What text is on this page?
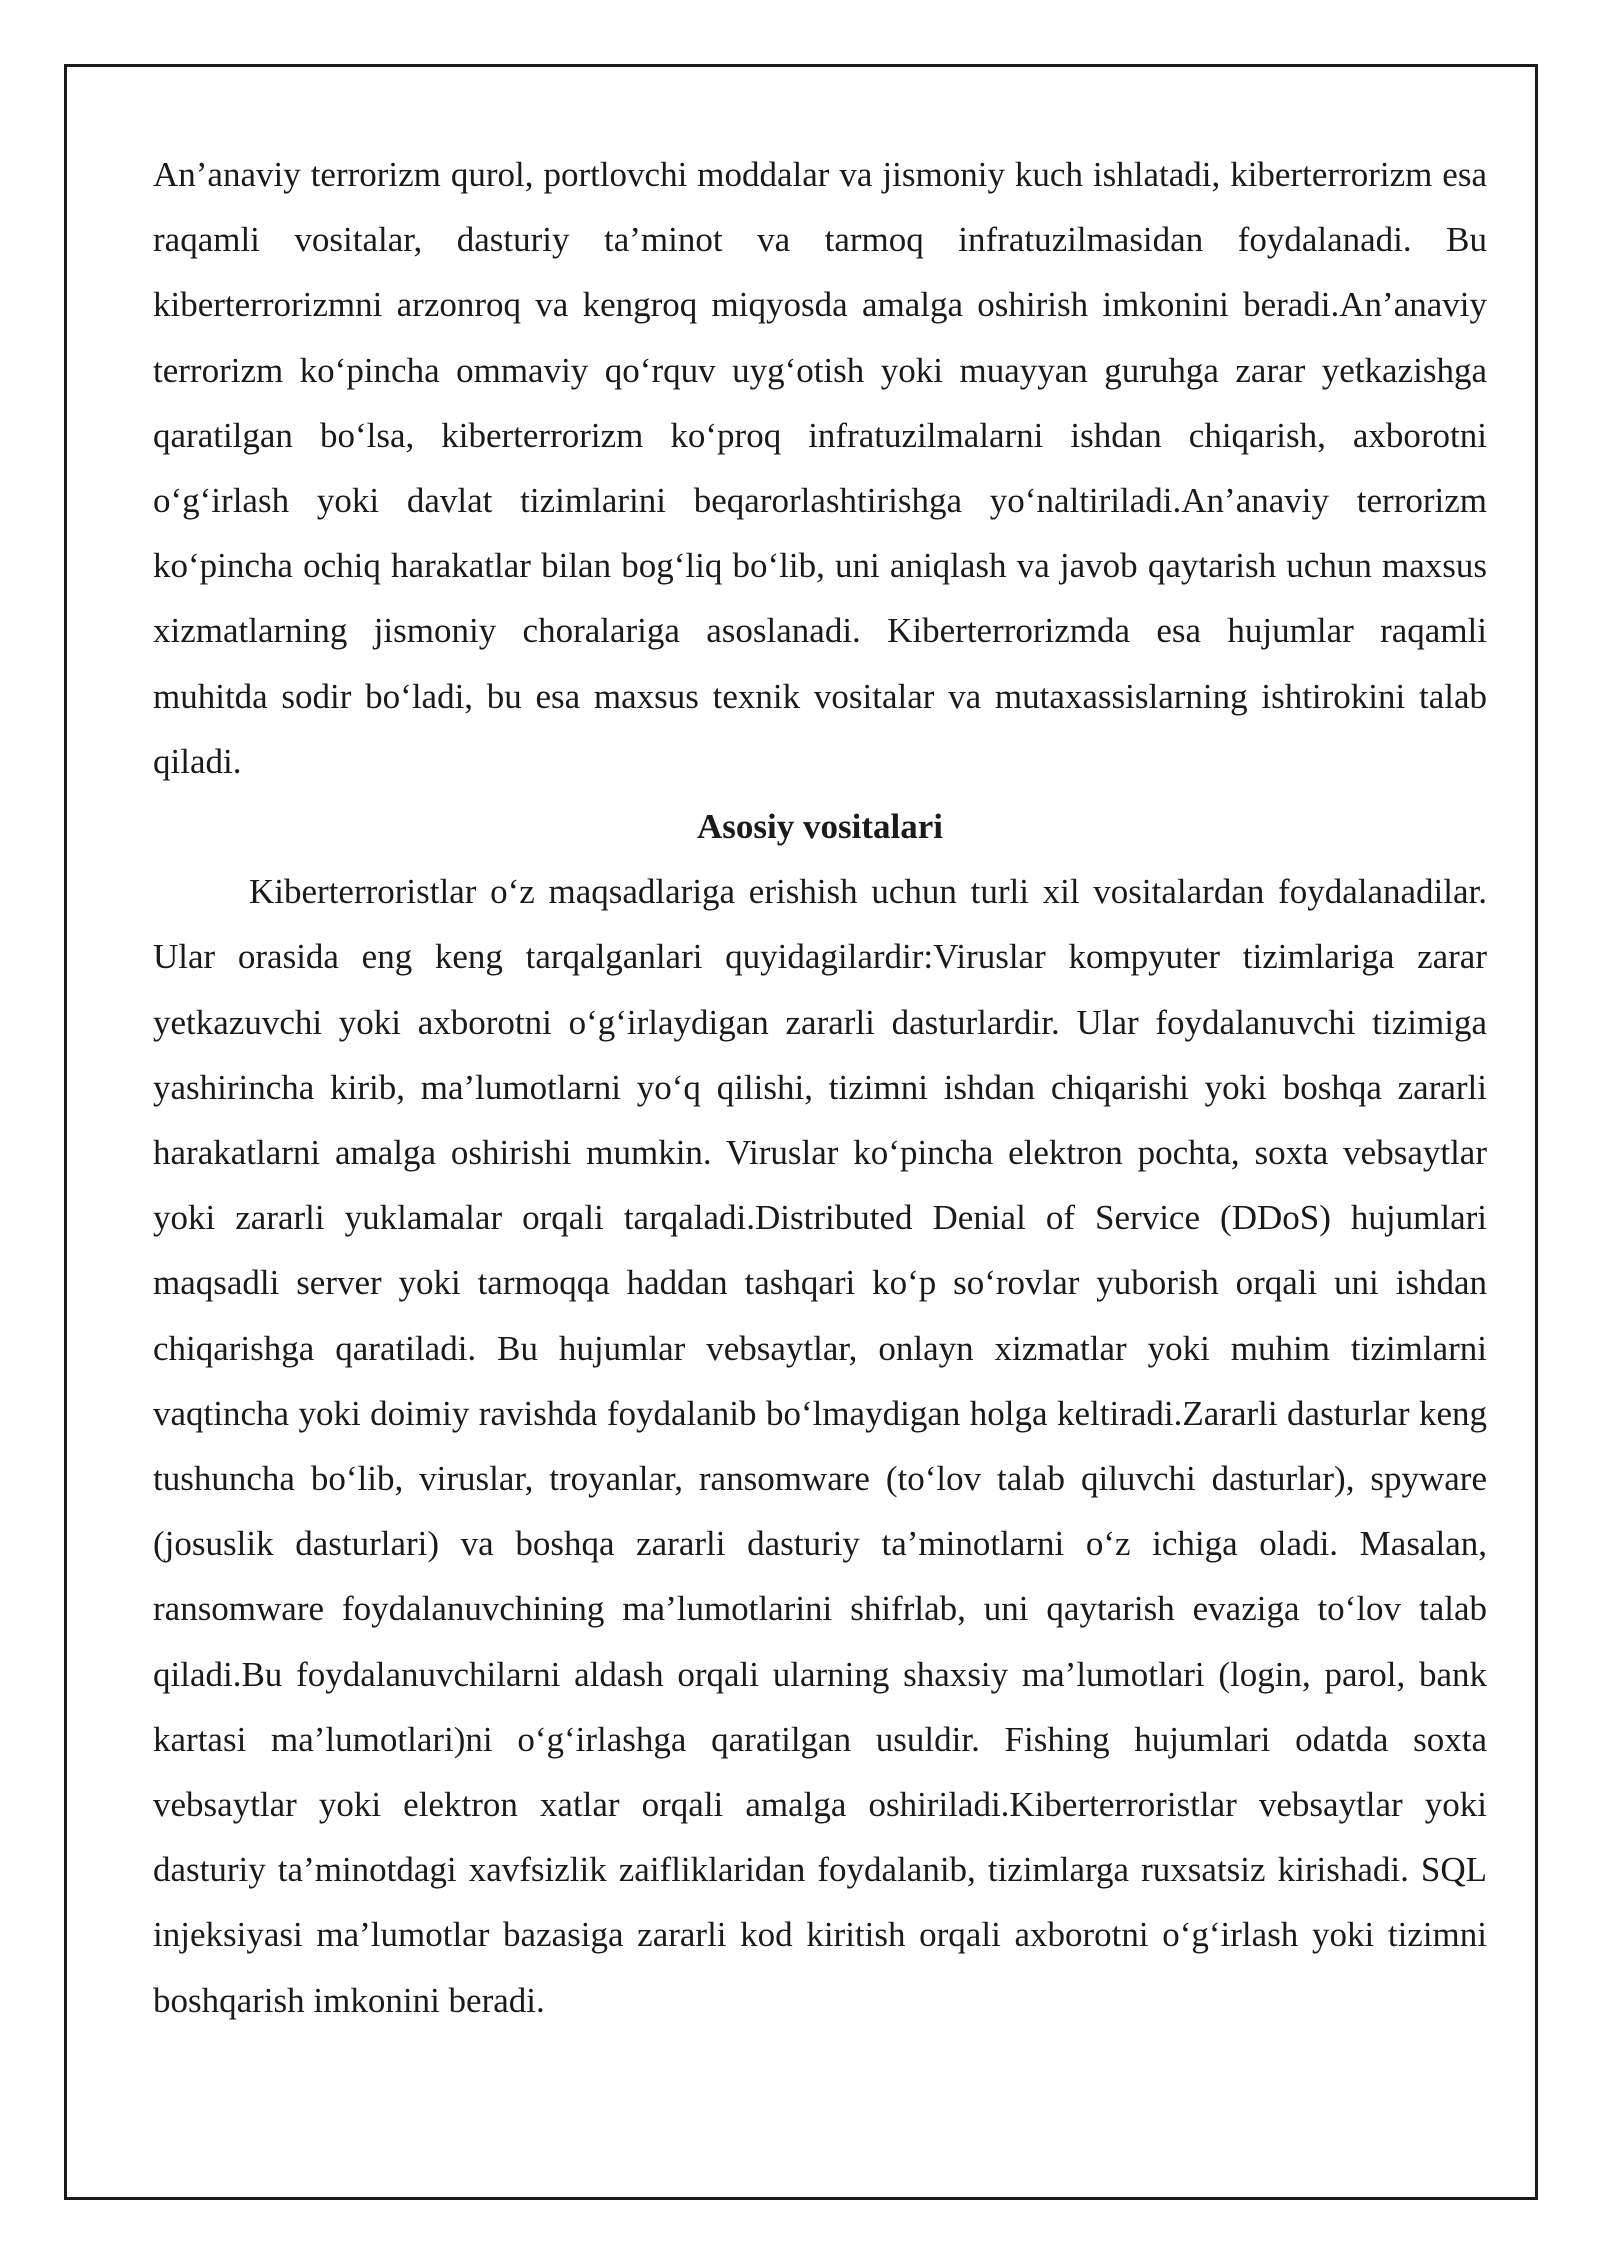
An’anaviy terrorizm qurol, portlovchi moddalar va jismoniy kuch ishlatadi, kiberterrorizm esa raqamli vositalar, dasturiy ta’minot va tarmoq infratuzilmasidan foydalanadi. Bu kiberterrorizmni arzonroq va kengroq miqyosda amalga oshirish imkonini beradi.An’anaviy terrorizm ko‘pincha ommaviy qo‘rquv uyg‘otish yoki muayyan guruhga zarar yetkazishga qaratilgan bo‘lsa, kiberterrorizm ko‘proq infratuzilmalarni ishdan chiqarish, axborotni o‘g‘irlash yoki davlat tizimlarini beqarorlashtirishga yo‘naltiriladi.An’anaviy terrorizm ko‘pincha ochiq harakatlar bilan bog‘liq bo‘lib, uni aniqlash va javob qaytarish uchun maxsus xizmatlarning jismoniy choralariga asoslanadi. Kiberterrorizmda esa hujumlar raqamli muhitda sodir bo‘ladi, bu esa maxsus texnik vositalar va mutaxassislarning ishtirokini talab qiladi.

Asosiy vositalari

Kiberterroristlar o‘z maqsadlariga erishish uchun turli xil vositalardan foydalanadilar. Ular orasida eng keng tarqalganlari quyidagilardir:Viruslar kompyuter tizimlariga zarar yetkazuvchi yoki axborotni o‘g‘irlaydigan zararli dasturlardir. Ular foydalanuvchi tizimiga yashirincha kirib, ma’lumotlarni yo‘q qilishi, tizimni ishdan chiqarishi yoki boshqa zararli harakatlarni amalga oshirishi mumkin. Viruslar ko‘pincha elektron pochta, soxta vebsaytlar yoki zararli yuklamalar orqali tarqaladi.Distributed Denial of Service (DDoS) hujumlari maqsadli server yoki tarmoqqa haddan tashqari ko‘p so‘rovlar yuborish orqali uni ishdan chiqarishga qaratiladi. Bu hujumlar vebsaytlar, onlayn xizmatlar yoki muhim tizimlarni vaqtincha yoki doimiy ravishda foydalanib bo‘lmaydigan holga keltiradi.Zararli dasturlar keng tushuncha bo‘lib, viruslar, troyanlar, ransomware (to‘lov talab qiluvchi dasturlar), spyware (josuslik dasturlari) va boshqa zararli dasturiy ta’minotlarni o‘z ichiga oladi. Masalan, ransomware foydalanuvchining ma’lumotlarini shifrlab, uni qaytarish evaziga to‘lov talab qiladi.Bu foydalanuvchilarni aldash orqali ularning shaxsiy ma’lumotlari (login, parol, bank kartasi ma’lumotlari)ni o‘g‘irlashga qaratilgan usuldir. Fishing hujumlari odatda soxta vebsaytlar yoki elektron xatlar orqali amalga oshiriladi.Kiberterroristlar vebsaytlar yoki dasturiy ta’minotdagi xavfsizlik zaifliklaridan foydalanib, tizimlarga ruxsatsiz kirishadi. SQL injeksiyasi ma’lumotlar bazasiga zararli kod kiritish orqali axborotni o‘g‘irlash yoki tizimni boshqarish imkonini beradi.
